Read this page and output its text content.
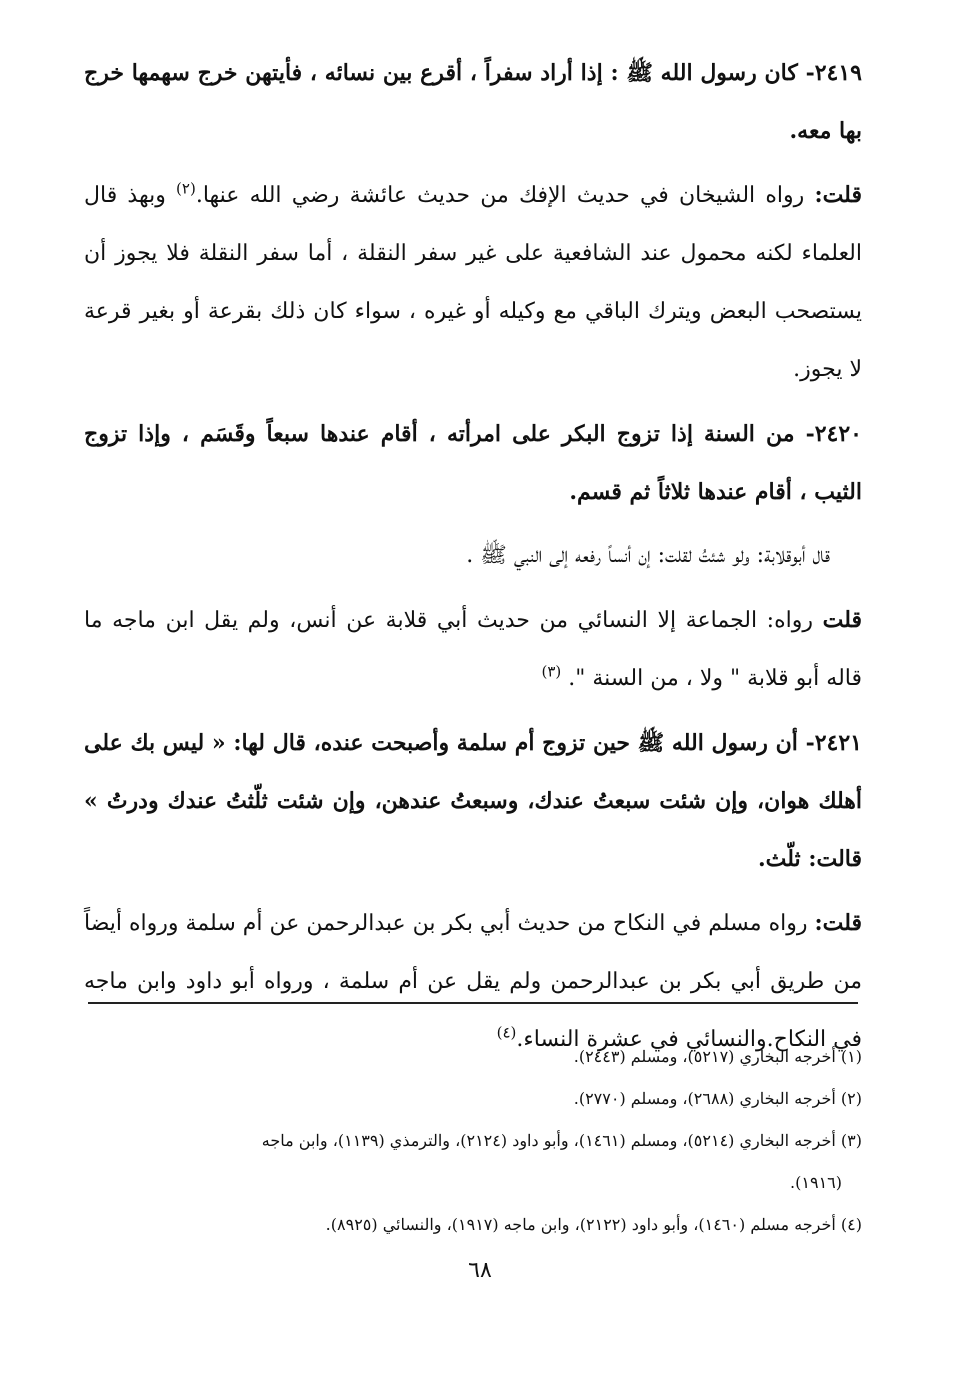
٢٤١٩- كان رسول الله ﷺ : إذا أراد سفراً ، أقرع بين نسائه ، فأيتهن خرج سهمها خرج بها معه.

قلت: رواه الشيخان في حديث الإفك من حديث عائشة رضي الله عنها.$^{(٢)}$ وبهذ قال العلماء لكنه محمول عند الشافعية على غير سفر النقلة ، أما سفر النقلة فلا يجوز أن يستصحب البعض ويترك الباقي مع وكيله أو غيره ، سواء كان ذلك بقرعة أو بغير قرعة لا يجوز.

٢٤٢٠- من السنة إذا تزوج البكر على امرأته ، أقام عندها سبعاً وقَسَم ، وإذا تزوج الثيب ، أقام عندها ثلاثاً ثم قسم.

قال أبوقلابة: ولو شئتُ لقلت: إن أنساً رفعه إلى النبي ﷺ .

قلت رواه: الجماعة إلا النسائي من حديث أبي قلابة عن أنس، ولم يقل ابن ماجه ما قاله أبو قلابة " ولا ، من السنة ". $^{(٣)}$

٢٤٢١- أن رسول الله ﷺ حين تزوج أم سلمة وأصبحت عنده، قال لها: « ليس بك على أهلك هوان، وإن شئت سبعتُ عندك، وسبعتُ عندهن، وإن شئت ثلّثتُ عندك ودرتُ » قالت: ثلّث.

قلت: رواه مسلم في النكاح من حديث أبي بكر بن عبدالرحمن عن أم سلمة ورواه أيضاً من طريق أبي بكر بن عبدالرحمن ولم يقل عن أم سلمة ، ورواه أبو داود وابن ماجه في النكاح.والنسائي في عشرة النساء.$^{(٤)}$

(١) أخرجه البخاري (٥٢١٧)، ومسلم (٢٤٤٣).

(٢) أخرجه البخاري (٢٦٨٨)، ومسلم (٢٧٧٠).

(٣) أخرجه البخاري (٥٢١٤)، ومسلم (١٤٦١)، وأبو داود (٢١٢٤)، والترمذي (١١٣٩)، وابن ماجه

(١٩١٦).

(٤) أخرجه مسلم (١٤٦٠)، وأبو داود (٢١٢٢)، وابن ماجه (١٩١٧)، والنسائي (٨٩٢٥).

٦٨
